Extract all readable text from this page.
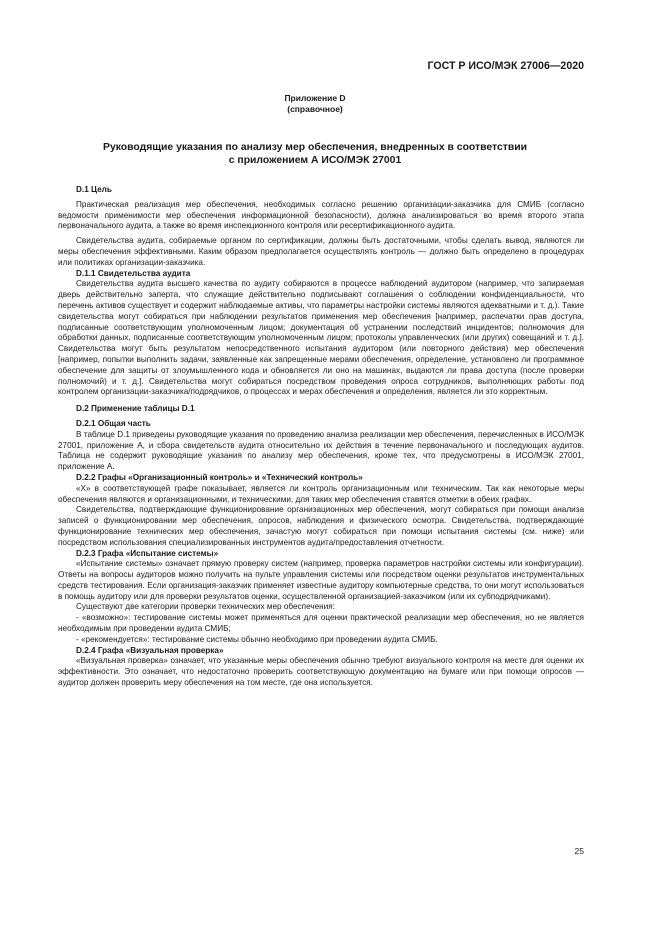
ГОСТ Р ИСО/МЭК 27006—2020
Приложение D
(справочное)
Руководящие указания по анализу мер обеспечения, внедренных в соответствии
с приложением А ИСО/МЭК 27001

D.1 Цель

Практическая реализация мер обеспечения, необходимых согласно решению организации-заказчика для СМИБ (согласно ведомости применимости мер обеспечения информационной безопасности), должна анализироваться во время второго этапа первоначального аудита, а также во время инспекционного контроля или ресертификационного аудита.

Свидетельства аудита, собираемые органом по сертификации, должны быть достаточными, чтобы сделать вывод, являются ли меры обеспечения эффективными. Каким образом предполагается осуществлять контроль — должно быть определено в процедурах или политиках организации-заказчика.

D.1.1 Свидетельства аудита

Свидетельства аудита высшего качества по аудиту собираются в процессе наблюдений аудитором (например, что запираемая дверь действительно заперта, что служащие действительно подписывают соглашения о соблюдении конфиденциальности, что перечень активов существует и содержит наблюдаемые активы, что параметры настройки системы являются адекватными и т. д.). Такие свидетельства могут собираться при наблюдении результатов применения мер обеспечения [например, распечатки прав доступа, подписанные соответствующим уполномоченным лицом; документация об устранении последствий инцидентов; полномочия для обработки данных, подписанные соответствующим уполномоченным лицом; протоколы управленческих (или других) совещаний и т. д.]. Свидетельства могут быть результатом непосредственного испытания аудитором (или повторного действия) мер обеспечения [например, попытки выполнить задачи, заявленные как запрещенные мерами обеспечения, определение, установлено ли программное обеспечение для защиты от злоумышленного кода и обновляется ли оно на машинах, выдаются ли права доступа (после проверки полномочий) и т. д.]. Свидетельства могут собираться посредством проведения опроса сотрудников, выполняющих работы под контролем организации-заказчика/подрядчиков, о процессах и мерах обеспечения и определения, является ли это корректным.

D.2 Применение таблицы D.1

D.2.1 Общая часть

В таблице D.1 приведены руководящие указания по проведению анализа реализации мер обеспечения, перечисленных в ИСО/МЭК 27001, приложение А, и сбора свидетельств аудита относительно их действия в течение первоначального и последующих аудитов. Таблица не содержит руководящие указания по анализу мер обеспечения, кроме тех, что предусмотрены в ИСО/МЭК 27001, приложение А.

D.2.2 Графы «Организационный контроль» и «Технический контроль»

«X» в соответствующей графе показывает, является ли контроль организационным или техническим. Так как некоторые меры обеспечения являются и организационными, и техническими, для таких мер обеспечения ставятся отметки в обеих графах.

Свидетельства, подтверждающие функционирование организационных мер обеспечения, могут собираться при помощи анализа записей о функционировании мер обеспечения, опросов, наблюдения и физического осмотра. Свидетельства, подтверждающие функционирование технических мер обеспечения, зачастую могут собираться при помощи испытания системы (см. ниже) или посредством использования специализированных инструментов аудита/предоставления отчетности.

D.2.3 Графа «Испытание системы»

«Испытание системы» означает прямую проверку систем (например, проверка параметров настройки системы или конфигурации). Ответы на вопросы аудиторов можно получить на пульте управления системы или посредством оценки результатов инструментальных средств тестирования. Если организация-заказчик применяет известные аудитору компьютерные средства, то они могут использоваться в помощь аудитору или для проверки результатов оценки, осуществленной организацией-заказчиком (или их субподрядчиками).

Существуют две категории проверки технических мер обеспечения:

- «возможно»: тестирование системы может применяться для оценки практической реализации мер обеспечения, но не является необходимым при проведении аудита СМИБ;

- «рекомендуется»: тестирование системы обычно необходимо при проведении аудита СМИБ.

D.2.4 Графа «Визуальная проверка»

«Визуальная проверка» означает, что указанные меры обеспечения обычно требуют визуального контроля на месте для оценки их эффективности. Это означает, что недостаточно проверить соответствующую документацию на бумаге или при помощи опросов — аудитор должен проверить меру обеспечения на том месте, где она используется.

25
